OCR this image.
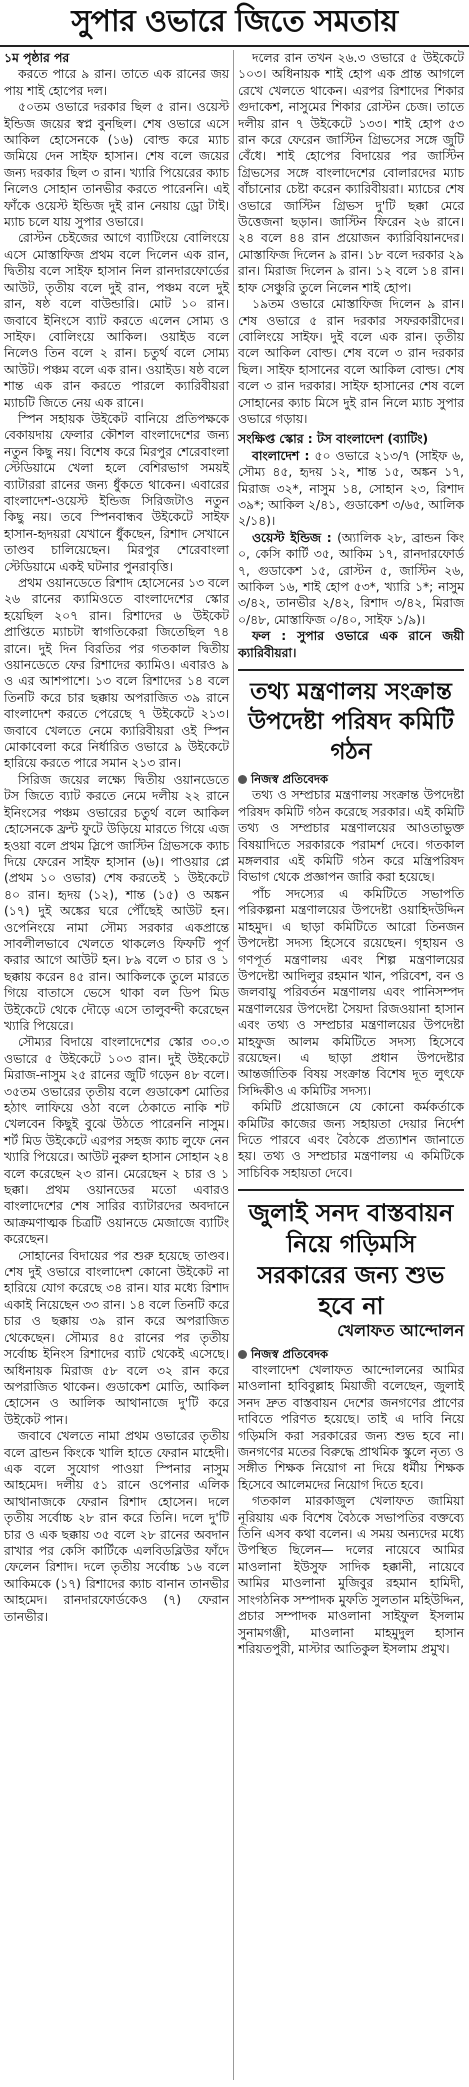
সুপার ওভারে জিতে সমতায়

১ম পৃষ্ঠার পর

করতে পারে ৯ রান। তাতে এক রানের জয় পায় শাই হোপের দল।

৫০তম ওভারে দরকার ছিল ৫ রান। ওয়েস্ট ইন্ডিজ জয়ের স্বপ্ন বুনছিল। শেষ ওভারে এসে আকিল হোসেনকে (১৬) বোল্ড করে ম্যাচ জমিয়ে দেন সাইফ হাসান। শেষ বলে জয়ের জন্য দরকার ছিল ৩ রান। খ্যারি পিয়েরের ক্যাচ নিলেও সোহান তানভীর করতে পারেননি। এই ফাঁকে ওয়েস্ট ইন্ডিজ দুই রান নেয়ায় ড্রো টাই। ম্যাচ চলে যায় সুপার ওভারে।

রোস্টন চেইজের আগে ব্যাটিংয়ে বোলিংয়ে এসে মোস্তাফিজ প্রথম বলে দিলেন এক রান, দ্বিতীয় বলে সাইফ হাসান নিল রানদারফোর্ডের আউট, তৃতীয় বলে দুই রান, পঞ্চম বলে দুই রান, ষষ্ঠ বলে বাউন্ডারি। মোট ১০ রান। জবাবে ইনিংসে ব্যাট করতে এলেন সোম্য ও সাইফ। বোলিংয়ে আকিল। ওয়াইড বলে নিলেও তিন বলে ২ রান। চতুর্থ বলে সোম্য আউট। পঞ্চম বলে এক রান। ওয়াইড। ষষ্ঠ বলে শান্ত এক রান করতে পারলে ক্যারিবীয়রা ম্যাচটি জিতে নেয় এক রানে।

স্পিন সহায়ক উইকেট বানিয়ে প্রতিপক্ষকে বেকায়দায় ফেলার কৌশল বাংলাদেশের জন্য নতুন কিছু নয়। বিশেষ করে মিরপুর শেরেবাংলা স্টেডিয়ামে খেলা হলে বেশিরভাগ সময়ই ব্যাটাররা রানের জন্য ধুঁকতে থাকেন। এবারের বাংলাদেশ-ওয়েস্ট ইন্ডিজ সিরিজটাও নতুন কিছু নয়। তবে স্পিনবান্ধব উইকেটে সাইফ হাসান-হৃদয়রা যেখানে ধুঁকছেন, রিশাদ সেখানে তাণ্ডব চালিয়েছেন। মিরপুর শেরেবাংলা স্টেডিয়ামে একই ঘটনার পুনরাবৃত্তি।

প্রথম ওয়ানডেতে রিশাদ হোসেনের ১৩ বলে ২৬ রানের ক্যামিওতে বাংলাদেশের স্কোর হয়েছিল ২০৭ রান। রিশাদের ৬ উইকেট প্রাপ্তিতে ম্যাচটা স্বাগতিকেরা জিতেছিল ৭৪ রানে। দুই দিন বিরতির পর গতকাল দ্বিতীয় ওয়ানডেতে ফের রিশাদের ক্যামিও। এবারও ৯ ও এর আশপাশে। ১৩ বলে রিশাদের ১৪ বলে তিনটি করে চার ছক্কায় অপরাজিত ৩৯ রানে বাংলাদেশ করতে পেরেছে ৭ উইকেটে ২১৩। জবাবে খেলতে নেমে ক্যারিবীয়রা ওই স্পিন মোকাবেলা করে নির্ধারিত ওভারে ৯ উইকেটে হারিয়ে করতে পারে সমান ২১৩ রান।

সিরিজ জয়ের লক্ষ্যে দ্বিতীয় ওয়ানডেতে টস জিতে ব্যাট করতে নেমে দলীয় ২২ রানে ইনিংসের পঞ্চম ওভারের চতুর্থ বলে আকিল হোসেনকে ফ্রন্ট ফুটে উড়িয়ে মারতে গিয়ে এজ হওয়া বলে প্রথম স্লিপে জাস্টিন গ্রিভসকে ক্যাচ দিয়ে ফেরেন সাইফ হাসান (৬)। পাওয়ার প্লে (প্রথম ১০ ওভার) শেষ করতেই ১ উইকেটে ৪০ রান। হৃদয় (১২), শান্ত (১৫) ও অঙ্কন (১৭) দুই অঙ্কের ঘরে পৌঁছেই আউট হন। ওপেনিংয়ে নামা সৌম্য সরকার একপ্রান্তে সাবলীলভাবে খেলতে থাকলেও ফিফটি পূর্ণ করার আগে আউট হন। ৮৯ বলে ৩ চার ও ১ ছক্কায় করেন ৪৫ রান। আকিলকে তুলে মারতে গিয়ে বাতাসে ভেসে থাকা বল ডিপ মিড উইকেটে থেকে দৌড়ে এসে তালুবন্দী করেছেন খ্যারি পিয়েরে।

সৌম্যর বিদায়ে বাংলাদেশের স্কোর ৩০.৩ ওভারে ৫ উইকেটে ১০৩ রান। দুই উইকেটে মিরাজ-নাসুম ২৫ রানের জুটি গড়েন ৪৮ বলে। ৩৫তম ওভারের তৃতীয় বলে গুডাকেশ মোতির হঠাৎ লাফিয়ে ওঠা বলে ঠেকাতে নাকি শট খেলবেন কিছুই বুঝে উঠতে পারেননি নাসুম। শর্ট মিড উইকেটে এরপর সহজ ক্যাচ লুফে নেন খ্যারি পিয়েরে। আউট নুরুল হাসান সোহান ২৪ বলে করেছেন ২৩ রান। মেরেছেন ২ চার ও ১ ছক্কা। প্রথম ওয়ানডের মতো এবারও বাংলাদেশের শেষ সারির ব্যাটারদের অবদানে আক্রমণাত্মক চিত্রটি ওয়ানডে মেজাজে ব্যাটিং করেছেন।

সোহানের বিদায়ের পর শুরু হয়েছে তাণ্ডব। শেষ দুই ওভারে বাংলাদেশ কোনো উইকেট না হারিয়ে যোগ করেছে ৩৪ রান। যার মধ্যে রিশাদ একাই নিয়েছেন ৩৩ রান। ১৪ বলে তিনটি করে চার ও ছক্কায় ৩৯ রান করে অপরাজিত থেকেছেন। সৌম্যর ৪৫ রানের পর তৃতীয় সর্বোচ্চ ইনিংস রিশাদের ব্যাট থেকেই এসেছে। অধিনায়ক মিরাজ ৫৮ বলে ৩২ রান করে অপরাজিত থাকেন। গুডাকেশ মোতি, আকিল হোসেন ও আলিক আথানাজে দু'টি করে উইকেট পান।

জবাবে খেলতে নামা প্রথম ওভারের তৃতীয় বলে ব্রান্ডন কিংকে খালি হাতে ফেরান মাহেদী। এক বলে সুযোগ পাওয়া স্পিনার নাসুম আহমেদ। দলীয় ৫১ রানে ওপেনার এলিক আথানাজকে ফেরান রিশাদ হোসেন। দলে তৃতীয় সর্বোচ্চ ২৮ রান করে তিনি। দলে দু'টি চার ও এক ছক্কায় ৩৫ বলে ২৮ রানের অবদান রাখার পর কেসি কার্টিকে এলবিডব্লিউর ফাঁদে ফেলেন রিশাদ। দলে তৃতীয় সর্বোচ্চ ১৬ বলে আকিমকে (১৭) রিশাদের ক্যাচ বানান তানভীর আহমেদ। রানদারফোর্ডকেও (৭) ফেরান তানভীর।

দলের রান তখন ২৬.৩ ওভারে ৫ উইকেটে ১০৩। অধিনায়ক শাই হোপ এক প্রান্ত আগলে রেখে খেলতে থাকেন। এরপর রিশাদের শিকার গুদাকেশ, নাসুমের শিকার রোস্টন চেজ। তাতে দলীয় রান ৭ উইকেটে ১৩৩। শাই হোপ ৫৩ রান করে ফেরেন জাস্টিন গ্রিভসের সঙ্গে জুটি বেঁধে। শাই হোপের বিদায়ের পর জাস্টিন গ্রিভসের সঙ্গে বাংলাদেশের বোলারদের ম্যাচ বাঁচানোর চেষ্টা করেন ক্যারিবীয়রা। ম্যাচের শেষ ওভারে জাস্টিন গ্রিভস দু'টি ছক্কা মেরে উত্তেজনা ছড়ান। জাস্টিন ফিরেন ২৬ রানে। ২৪ বলে ৪৪ রান প্রয়োজন ক্যারিবিয়ানদের। মোস্তাফিজ দিলেন ৯ রান। ১৮ বলে দরকার ২৯ রান। মিরাজ দিলেন ৯ রান। ১২ বলে ১৪ রান। হাফ সেঞ্চুরি তুলে নিলেন শাই হোপ।

১৯তম ওভারে মোস্তাফিজ দিলেন ৯ রান। শেষ ওভারে ৫ রান দরকার সফরকারীদের। বোলিংয়ে সাইফ। দুই বলে এক রান। তৃতীয় বলে আকিল বোল্ড। শেষ বলে ৩ রান দরকার ছিল। সাইফ হাসানের বলে আকিল বোল্ড। শেষ বলে ৩ রান দরকার। সাইফ হাসানের শেষ বলে সোহানের ক্যাচ মিসে দুই রান নিলে ম্যাচ সুপার ওভারে গড়ায়।

সংক্ষিপ্ত স্কোর : টস বাংলাদেশ (ব্যাটিং)

বাংলাদেশ : ৫০ ওভারে ২১৩/৭ (সাইফ ৬, সৌম্য ৪৫, হৃদয় ১২, শান্ত ১৫, অঙ্কন ১৭, মিরাজ ৩২*, নাসুম ১৪, সোহান ২৩, রিশাদ ৩৯*; আকিল ২/৪১, গুডাকেশ ৩/৬৫, আলিক ২/১৪)।

ওয়েস্ট ইন্ডিজ : (অ্যালিক ২৮, ব্রান্ডন কিং ০, কেসি কার্টি ৩৫, আকিম ১৭, রানদারফোর্ড ৭, গুডাকেশ ১৫, রোস্টন ৫, জাস্টিন ২৬, আকিল ১৬, শাই হোপ ৫৩*, খ্যারি ১*; নাসুম ৩/৪২, তানভীর ২/৪২, রিশাদ ৩/৪২, মিরাজ ০/৪৮, মোস্তাফিজ ০/৪০, সাইফ ১/৯)।

ফল : সুপার ওভারে এক রানে জয়ী ক্যারিবীয়রা।

তথ্য মন্ত্রণালয় সংক্রান্ত উপদেষ্টা পরিষদ কমিটি গঠন

নিজস্ব প্রতিবেদক

তথ্য ও সম্প্রচার মন্ত্রণালয় সংক্রান্ত উপদেষ্টা পরিষদ কমিটি গঠন করেছে সরকার। এই কমিটি তথ্য ও সম্প্রচার মন্ত্রণালয়ের আওতাভুক্ত বিষয়াদিতে সরকারকে পরামর্শ দেবে। গতকাল মঙ্গলবার এই কমিটি গঠন করে মন্ত্রিপরিষদ বিভাগ থেকে প্রজ্ঞাপন জারি করা হয়েছে।

পাঁচ সদস্যের এ কমিটিতে সভাপতি পরিকল্পনা মন্ত্রণালয়ের উপদেষ্টা ওয়াহিদউদ্দিন মাহমুদ। এ ছাড়া কমিটিতে আরো তিনজন উপদেষ্টা সদস্য হিসেবে রয়েছেন। গৃহায়ন ও গণপূর্ত মন্ত্রণালয় এবং শিল্প মন্ত্রণালয়ের উপদেষ্টা আদিলুর রহমান খান, পরিবেশ, বন ও জলবায়ু পরিবর্তন মন্ত্রণালয় এবং পানিসম্পদ মন্ত্রণালয়ের উপদেষ্টা সৈয়দা রিজওয়ানা হাসান এবং তথ্য ও সম্প্রচার মন্ত্রণালয়ের উপদেষ্টা মাহফুজ আলম কমিটিতে সদস্য হিসেবে রয়েছেন। এ ছাড়া প্রধান উপদেষ্টার আন্তর্জাতিক বিষয় সংক্রান্ত বিশেষ দূত লুৎফে সিদ্দিকীও এ কমিটির সদস্য।

কমিটি প্রয়োজনে যে কোনো কর্মকর্তাকে কমিটির কাজের জন্য সহায়তা দেয়ার নির্দেশ দিতে পারবে এবং বৈঠকে প্রত্যাশন জানাতে হয়। তথ্য ও সম্প্রচার মন্ত্রণালয় এ কমিটিকে সাচিবিক সহায়তা দেবে।

জুলাই সনদ বাস্তবায়ন নিয়ে গড়িমসি সরকারের জন্য শুভ হবে না
খেলাফত আন্দোলন

নিজস্ব প্রতিবেদক

বাংলাদেশ খেলাফত আন্দোলনের আমির মাওলানা হাবিবুল্লাহ মিয়াজী বলেছেন, জুলাই সনদ দ্রুত বাস্তবায়ন দেশের জনগণের প্রাণের দাবিতে পরিণত হয়েছে। তাই এ দাবি নিয়ে গড়িমসি করা সরকারের জন্য শুভ হবে না। জনগণের মতের বিরুদ্ধে প্রাথমিক স্কুলে নৃত্য ও সঙ্গীত শিক্ষক নিয়োগ না দিয়ে ধর্মীয় শিক্ষক হিসেবে আলেমদের নিয়োগ দিতে হবে।

গতকাল মারকাজুল খেলাফত জামিয়া নূরিয়ায় এক বিশেষ বৈঠকে সভাপতির বক্তব্যে তিনি এসব কথা বলেন। এ সময় অন্যদের মধ্যে উপস্থিত ছিলেন— দলের নায়েবে আমির মাওলানা ইউসুফ সাদিক হক্কানী, নায়েবে আমির মাওলানা মুজিবুর রহমান হামিদী, সাংগঠনিক সম্পাদক মুফতি সুলতান মহিউদ্দিন, প্রচার সম্পাদক মাওলানা সাইফুল ইসলাম সুনামগঞ্জী, মাওলানা মাহমুদুল হাসান শরিয়তপুরী, মাস্টার আতিকুল ইসলাম প্রমুখ।
